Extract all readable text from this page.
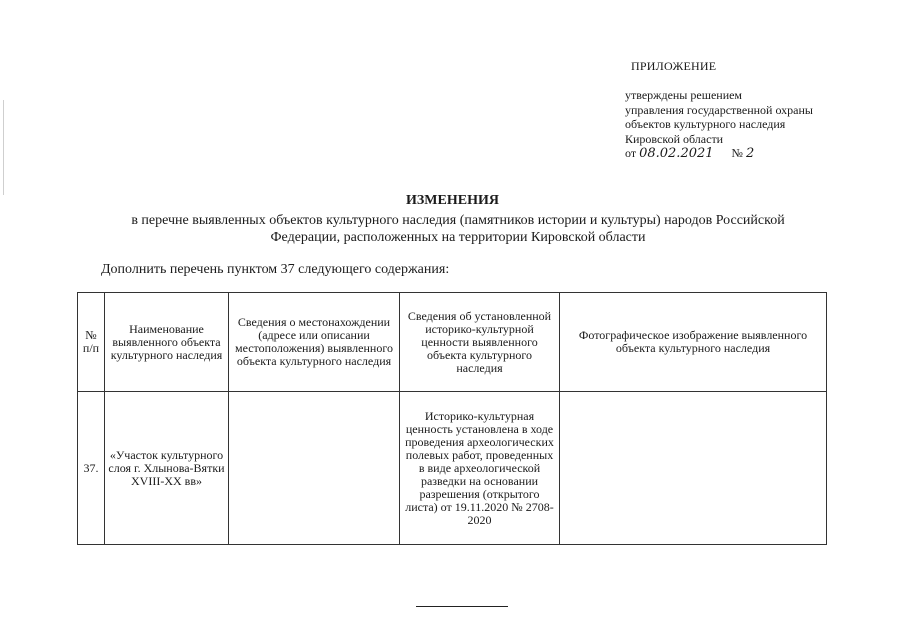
ПРИЛОЖЕНИЕ
утверждены решением
управления государственной охраны
объектов культурного наследия
Кировской области
от 08.02.2021 № 2
ИЗМЕНЕНИЯ
в перечне выявленных объектов культурного наследия (памятников истории и культуры) народов Российской Федерации, расположенных на территории Кировской области
Дополнить перечень пунктом 37 следующего содержания:
№ п/п	Наименование выявленного объекта культурного наследия	Сведения о местонахождении (адресе или описании местоположения) выявленного объекта культурного наследия	Сведения об установленной историко-культурной ценности выявленного объекта культурного наследия	Фотографическое изображение выявленного объекта культурного наследия
37.	«Участок культурного слоя г. Хлынова-Вятки XVIII-XX вв»		Историко-культурная ценность установлена в ходе проведения археологических полевых работ, проведенных в виде археологической разведки на основании разрешения (открытого листа) от 19.11.2020 № 2708-2020	
